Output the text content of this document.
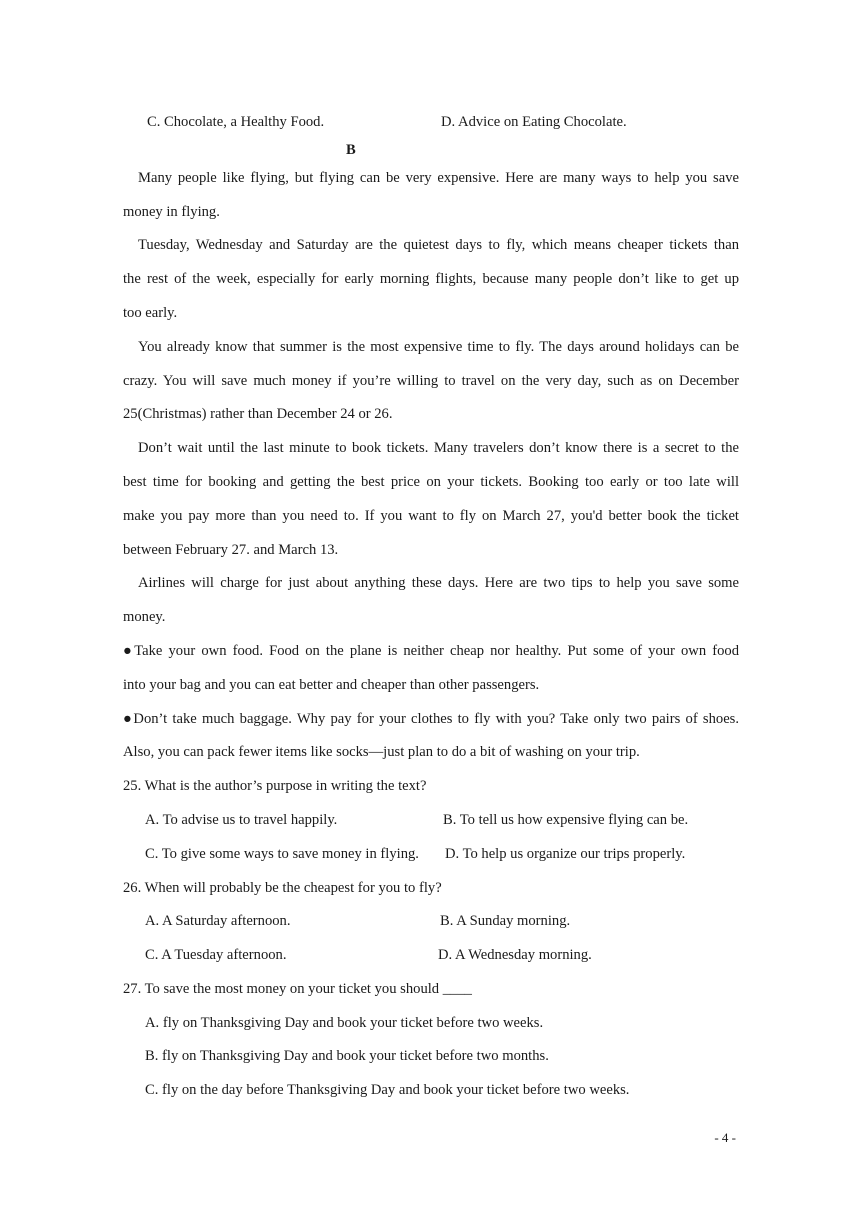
C. Chocolate, a Healthy Food.	D. Advice on Eating Chocolate.
B
Many people like flying, but flying can be very expensive. Here are many ways to help you save
money in flying.
Tuesday, Wednesday and Saturday are the quietest days to fly, which means cheaper tickets than
the rest of the week, especially for early morning flights, because many people don’t like to get up
too early.
You already know that summer is the most expensive time to fly. The days around holidays can be
crazy. You will save much money if you’re willing to travel on the very day, such as on December
25(Christmas) rather than December 24 or 26.
Don’t wait until the last minute to book tickets. Many travelers don’t know there is a secret to the
best time for booking and getting the best price on your tickets. Booking too early or too late will
make you pay more than you need to. If you want to fly on March 27, you'd better book the ticket
between February 27. and March 13.
Airlines will charge for just about anything these days. Here are two tips to help you save some
money.
●Take your own food. Food on the plane is neither cheap nor healthy. Put some of your own food
into your bag and you can eat better and cheaper than other passengers.
●Don’t take much baggage. Why pay for your clothes to fly with you? Take only two pairs of shoes.
Also, you can pack fewer items like socks—just plan to do a bit of washing on your trip.
25. What is the author’s purpose in writing the text?
A. To advise us to travel happily.	B. To tell us how expensive flying can be.
C. To give some ways to save money in flying. D. To help us organize our trips properly.
26. When will probably be the cheapest for you to fly?
A. A Saturday afternoon.	B. A Sunday morning.
C. A Tuesday afternoon.	D. A Wednesday morning.
27. To save the most money on your ticket you should ____
A. fly on Thanksgiving Day and book your ticket before two weeks.
B. fly on Thanksgiving Day and book your ticket before two months.
C. fly on the day before Thanksgiving Day and book your ticket before two weeks.
- 4 -
